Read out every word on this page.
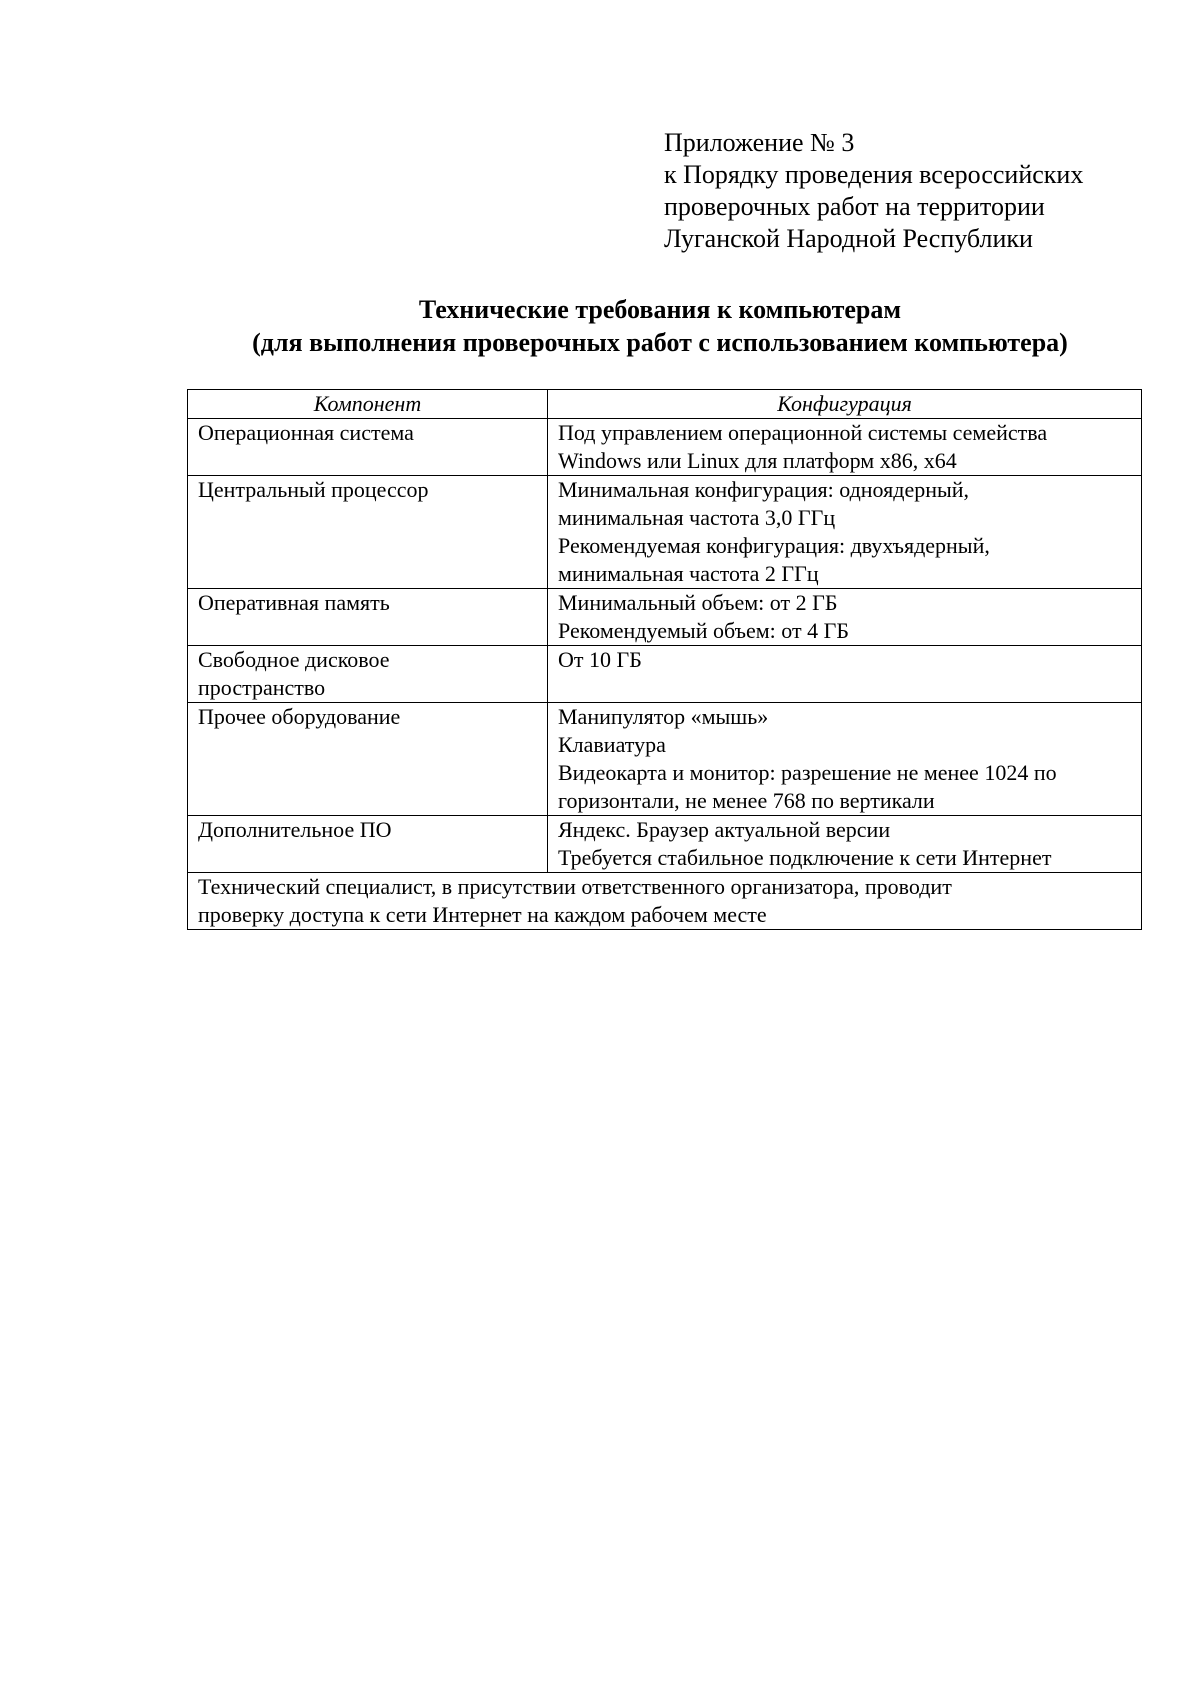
Приложение № 3
к Порядку проведения всероссийских
проверочных работ на территории
Луганской Народной Республики
Технические требования к компьютерам
(для выполнения проверочных работ с использованием компьютера)
Компонент	Конфигурация

Операционная система	Под управлением операционной системы семейства
Windows или Linux для платформ x86, x64

Центральный процессор	Минимальная конфигурация: одноядерный,
минимальная частота 3,0 ГГц
Рекомендуемая конфигурация: двухъядерный,
минимальная частота 2 ГГц

Оперативная память	Минимальный объем: от 2 ГБ
Рекомендуемый объем: от 4 ГБ

Свободное дисковое
пространство	От 10 ГБ

Прочее оборудование	Манипулятор «мышь»
Клавиатура
Видеокарта и монитор: разрешение не менее 1024 по
горизонтали, не менее 768 по вертикали

Дополнительное ПО	Яндекс. Браузер актуальной версии
Требуется стабильное подключение к сети Интернет

Технический специалист, в присутствии ответственного организатора, проводит
проверку доступа к сети Интернет на каждом рабочем месте	
